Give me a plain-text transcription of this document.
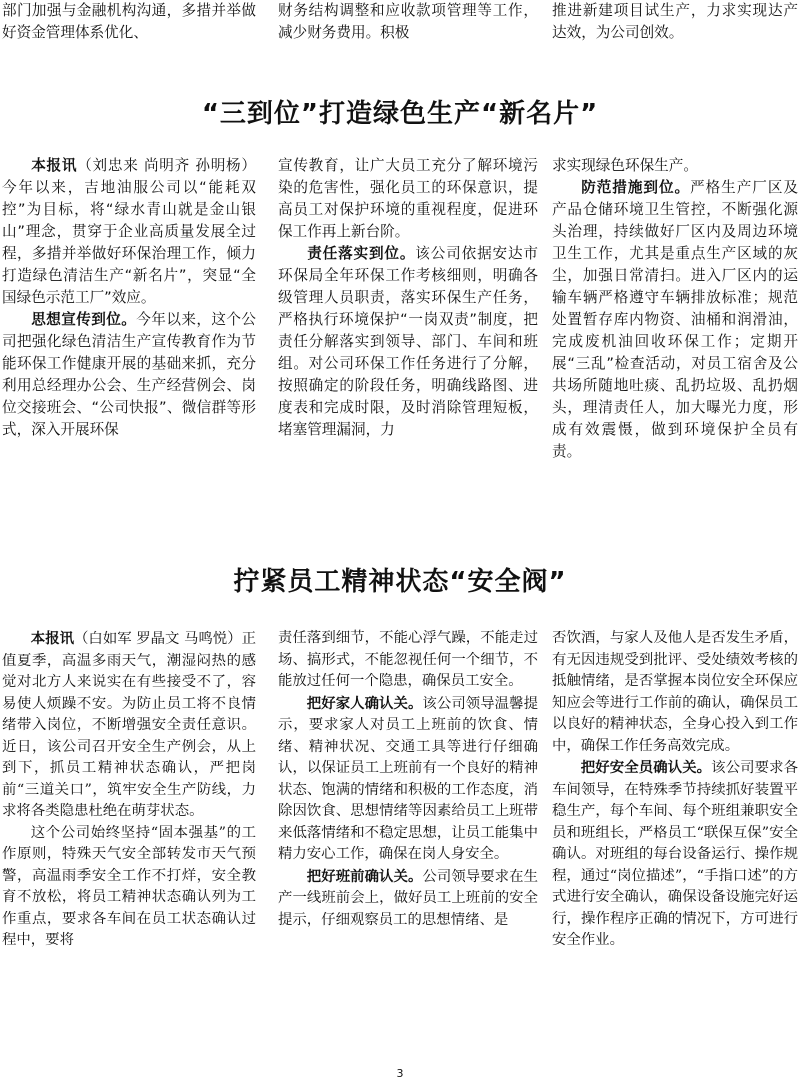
部门加强与金融机构沟通，多措并举做好资金管理体系优化、

财务结构调整和应收款项管理等工作，减少财务费用。积极

推进新建项目试生产，力求实现达产达效，为公司创效。

“三到位”打造绿色生产“新名片”

本报讯（刘忠来 尚明齐 孙明杨）今年以来，吉地油服公司以“能耗双控”为目标，将“绿水青山就是金山银山”理念，贯穿于企业高质量发展全过程，多措并举做好环保治理工作，倾力打造绿色清洁生产“新名片”，突显“全国绿色示范工厂”效应。

思想宣传到位。今年以来，这个公司把强化绿色清洁生产宣传教育作为节能环保工作健康开展的基础来抓，充分利用总经理办公会、生产经营例会、岗位交接班会、“公司快报”、微信群等形式，深入开展环保

宣传教育，让广大员工充分了解环境污染的危害性，强化员工的环保意识，提高员工对保护环境的重视程度，促进环保工作再上新台阶。

责任落实到位。该公司依据安达市环保局全年环保工作考核细则，明确各级管理人员职责，落实环保生产任务，严格执行环境保护“一岗双责”制度，把责任分解落实到领导、部门、车间和班组。对公司环保工作任务进行了分解，按照确定的阶段任务，明确线路图、进度表和完成时限，及时消除管理短板，堵塞管理漏洞，力

求实现绿色环保生产。

防范措施到位。严格生产厂区及产品仓储环境卫生管控，不断强化源头治理，持续做好厂区内及周边环境卫生工作，尤其是重点生产区域的灰尘，加强日常清扫。进入厂区内的运输车辆严格遵守车辆排放标准；规范处置暂存库内物资、油桶和润滑油，完成废机油回收环保工作；定期开展“三乱”检查活动，对员工宿舍及公共场所随地吐痰、乱扔垃圾、乱扔烟头，理清责任人，加大曝光力度，形成有效震慑，做到环境保护全员有责。

拧紧员工精神状态“安全阀”

本报讯（白如军 罗晶文 马鸣悦）正值夏季，高温多雨天气，潮湿闷热的感觉对北方人来说实在有些接受不了，容易使人烦躁不安。为防止员工将不良情绪带入岗位，不断增强安全责任意识。近日，该公司召开安全生产例会，从上到下，抓员工精神状态确认，严把岗前“三道关口”，筑牢安全生产防线，力求将各类隐患杜绝在萌芽状态。

这个公司始终坚持“固本强基”的工作原则，特殊天气安全部转发市天气预警，高温雨季安全工作不打烊，安全教育不放松，将员工精神状态确认列为工作重点，要求各车间在员工状态确认过程中，要将

责任落到细节，不能心浮气躁，不能走过场、搞形式，不能忽视任何一个细节，不能放过任何一个隐患，确保员工安全。

把好家人确认关。该公司领导温馨提示，要求家人对员工上班前的饮食、情绪、精神状况、交通工具等进行仔细确认，以保证员工上班前有一个良好的精神状态、饱满的情绪和积极的工作态度，消除因饮食、思想情绪等因素给员工上班带来低落情绪和不稳定思想，让员工能集中精力安心工作，确保在岗人身安全。

把好班前确认关。公司领导要求在生产一线班前会上，做好员工上班前的安全提示，仔细观察员工的思想情绪、是

否饮酒，与家人及他人是否发生矛盾，有无因违规受到批评、受处绩效考核的抵触情绪，是否掌握本岗位安全环保应知应会等进行工作前的确认，确保员工以良好的精神状态，全身心投入到工作中，确保工作任务高效完成。

把好安全员确认关。该公司要求各车间领导，在特殊季节持续抓好装置平稳生产，每个车间、每个班组兼职安全员和班组长，严格员工“联保互保”安全确认。对班组的每台设备运行、操作规程，通过“岗位描述”，“手指口述”的方式进行安全确认，确保设备设施完好运行，操作程序正确的情况下，方可进行安全作业。

3
